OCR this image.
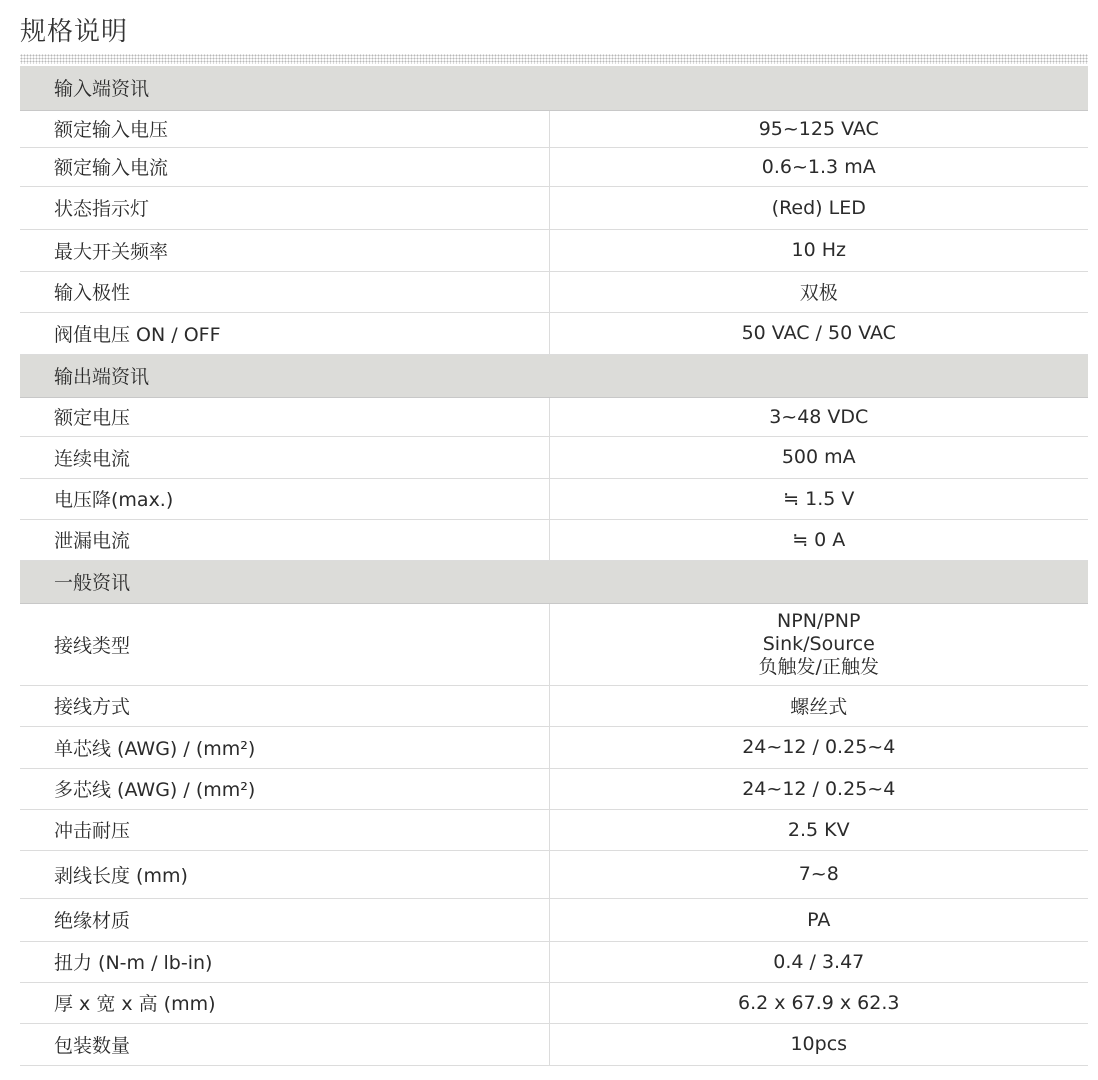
规格说明
输入端资讯	
额定输入电压	95~125 VAC
额定输入电流	0.6~1.3 mA
状态指示灯	(Red) LED
最大开关频率	10 Hz
输入极性	双极
阀值电压 ON / OFF	50 VAC / 50 VAC
输出端资讯	
额定电压	3~48 VDC
连续电流	500 mA
电压降(max.)	≒ 1.5 V
泄漏电流	≒ 0 A
一般资讯	
接线类型	NPN/PNP
Sink/Source
负触发/正触发

接线方式	螺丝式
单芯线 (AWG) / (mm²)	24~12 / 0.25~4
多芯线 (AWG) / (mm²)	24~12 / 0.25~4
冲击耐压	2.5 KV
剥线长度 (mm)	7~8
绝缘材质	PA
扭力 (N-m / lb-in)	0.4 / 3.47
厚 x 宽 x 高 (mm)	6.2 x 67.9 x 62.3
包装数量	10pcs
